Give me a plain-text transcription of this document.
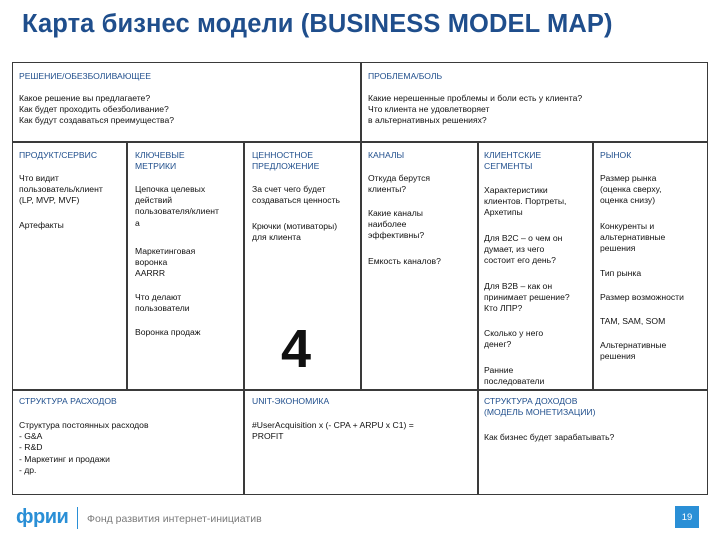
Карта бизнес модели (BUSINESS MODEL MAP)
РЕШЕНИЕ/ОБЕЗБОЛИВАЮЩЕЕ
Какое решение вы предлагаете?
Как будет проходить обезболивание?
Как будут создаваться преимущества?
ПРОБЛЕМА/БОЛЬ
Какие нерешенные проблемы и боли есть у клиента?
Что клиента не удовлетворяет
в альтернативных решениях?
ПРОДУКТ/СЕРВИС
Что видит
пользователь/клиент
(LP, MVP, MVF)
Артефакты
КЛЮЧЕВЫЕ
МЕТРИКИ
Цепочка целевых
действий
пользователя/клиент
а
Маркетинговая
воронка
AARRR
Что делают
пользователи
Воронка продаж
ЦЕННОСТНОЕ
ПРЕДЛОЖЕНИЕ
За счет чего будет
создаваться ценность
Крючки (мотиваторы)
для клиента
КАНАЛЫ
Откуда берутся
клиенты?
Какие каналы
наиболее
эффективны?
Емкость каналов?
КЛИЕНТСКИЕ
СЕГМЕНТЫ
Характеристики
клиентов. Портреты,
Архетипы
Для B2C – о чем он
думает, из чего
состоит его день?
Для B2B – как он
принимает решение?
Кто ЛПР?
Сколько у него
денег?
Ранние
последователи
РЫНОК
Размер рынка
(оценка сверху,
оценка снизу)
Конкуренты и
альтернативные
решения
Тип рынка
Размер возможности
TAM, SAM, SOM
Альтернативные
решения
4
СТРУКТУРА РАСХОДОВ
Структура постоянных расходов
- G&A
- R&D
- Маркетинг и продажи
- др.
UNIT-ЭКОНОМИКА
#UserAcquisition x (- CPA + ARPU x C1) =
PROFIT
СТРУКТУРА ДОХОДОВ
(МОДЕЛЬ МОНЕТИЗАЦИИ)
Как бизнес будет зарабатывать?
фрии Фонд развития интернет-инициатив	19
